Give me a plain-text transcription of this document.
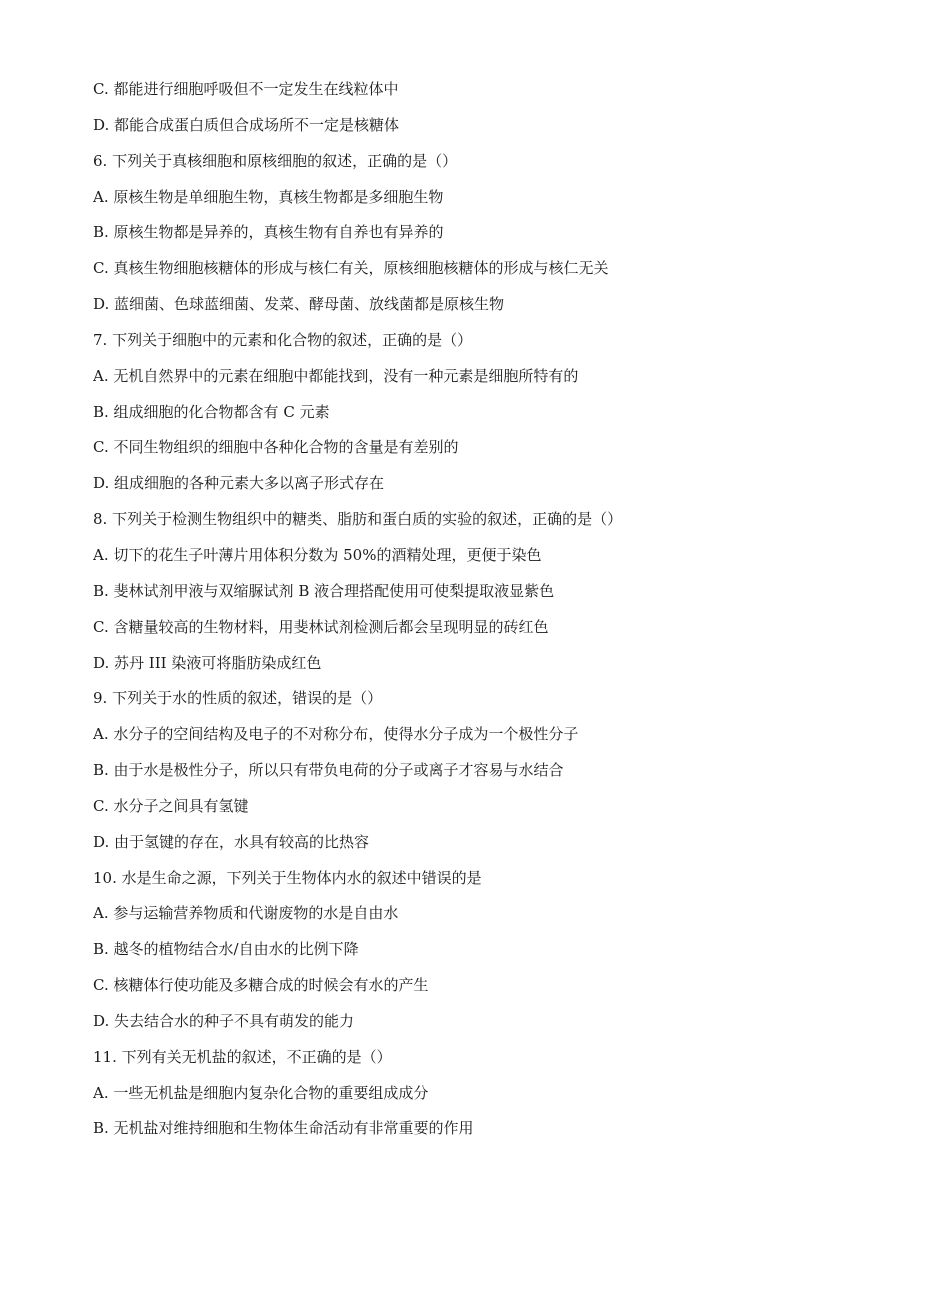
C. 都能进行细胞呼吸但不一定发生在线粒体中
D. 都能合成蛋白质但合成场所不一定是核糖体
6. 下列关于真核细胞和原核细胞的叙述，正确的是（）
A. 原核生物是单细胞生物，真核生物都是多细胞生物
B. 原核生物都是异养的，真核生物有自养也有异养的
C. 真核生物细胞核糖体的形成与核仁有关，原核细胞核糖体的形成与核仁无关
D. 蓝细菌、色球蓝细菌、发菜、酵母菌、放线菌都是原核生物
7. 下列关于细胞中的元素和化合物的叙述，正确的是（）
A. 无机自然界中的元素在细胞中都能找到，没有一种元素是细胞所特有的
B. 组成细胞的化合物都含有 C 元素
C. 不同生物组织的细胞中各种化合物的含量是有差别的
D. 组成细胞的各种元素大多以离子形式存在
8. 下列关于检测生物组织中的糖类、脂肪和蛋白质的实验的叙述，正确的是（）
A. 切下的花生子叶薄片用体积分数为 50%的酒精处理，更便于染色
B. 斐林试剂甲液与双缩脲试剂 B 液合理搭配使用可使梨提取液显紫色
C. 含糖量较高的生物材料，用斐林试剂检测后都会呈现明显的砖红色
D. 苏丹 III 染液可将脂肪染成红色
9. 下列关于水的性质的叙述，错误的是（）
A. 水分子的空间结构及电子的不对称分布，使得水分子成为一个极性分子
B. 由于水是极性分子，所以只有带负电荷的分子或离子才容易与水结合
C. 水分子之间具有氢键
D. 由于氢键的存在，水具有较高的比热容
10. 水是生命之源，下列关于生物体内水的叙述中错误的是
A. 参与运输营养物质和代谢废物的水是自由水
B. 越冬的植物结合水/自由水的比例下降
C. 核糖体行使功能及多糖合成的时候会有水的产生
D. 失去结合水的种子不具有萌发的能力
11. 下列有关无机盐的叙述，不正确的是（）
A. 一些无机盐是细胞内复杂化合物的重要组成成分
B. 无机盐对维持细胞和生物体生命活动有非常重要的作用
